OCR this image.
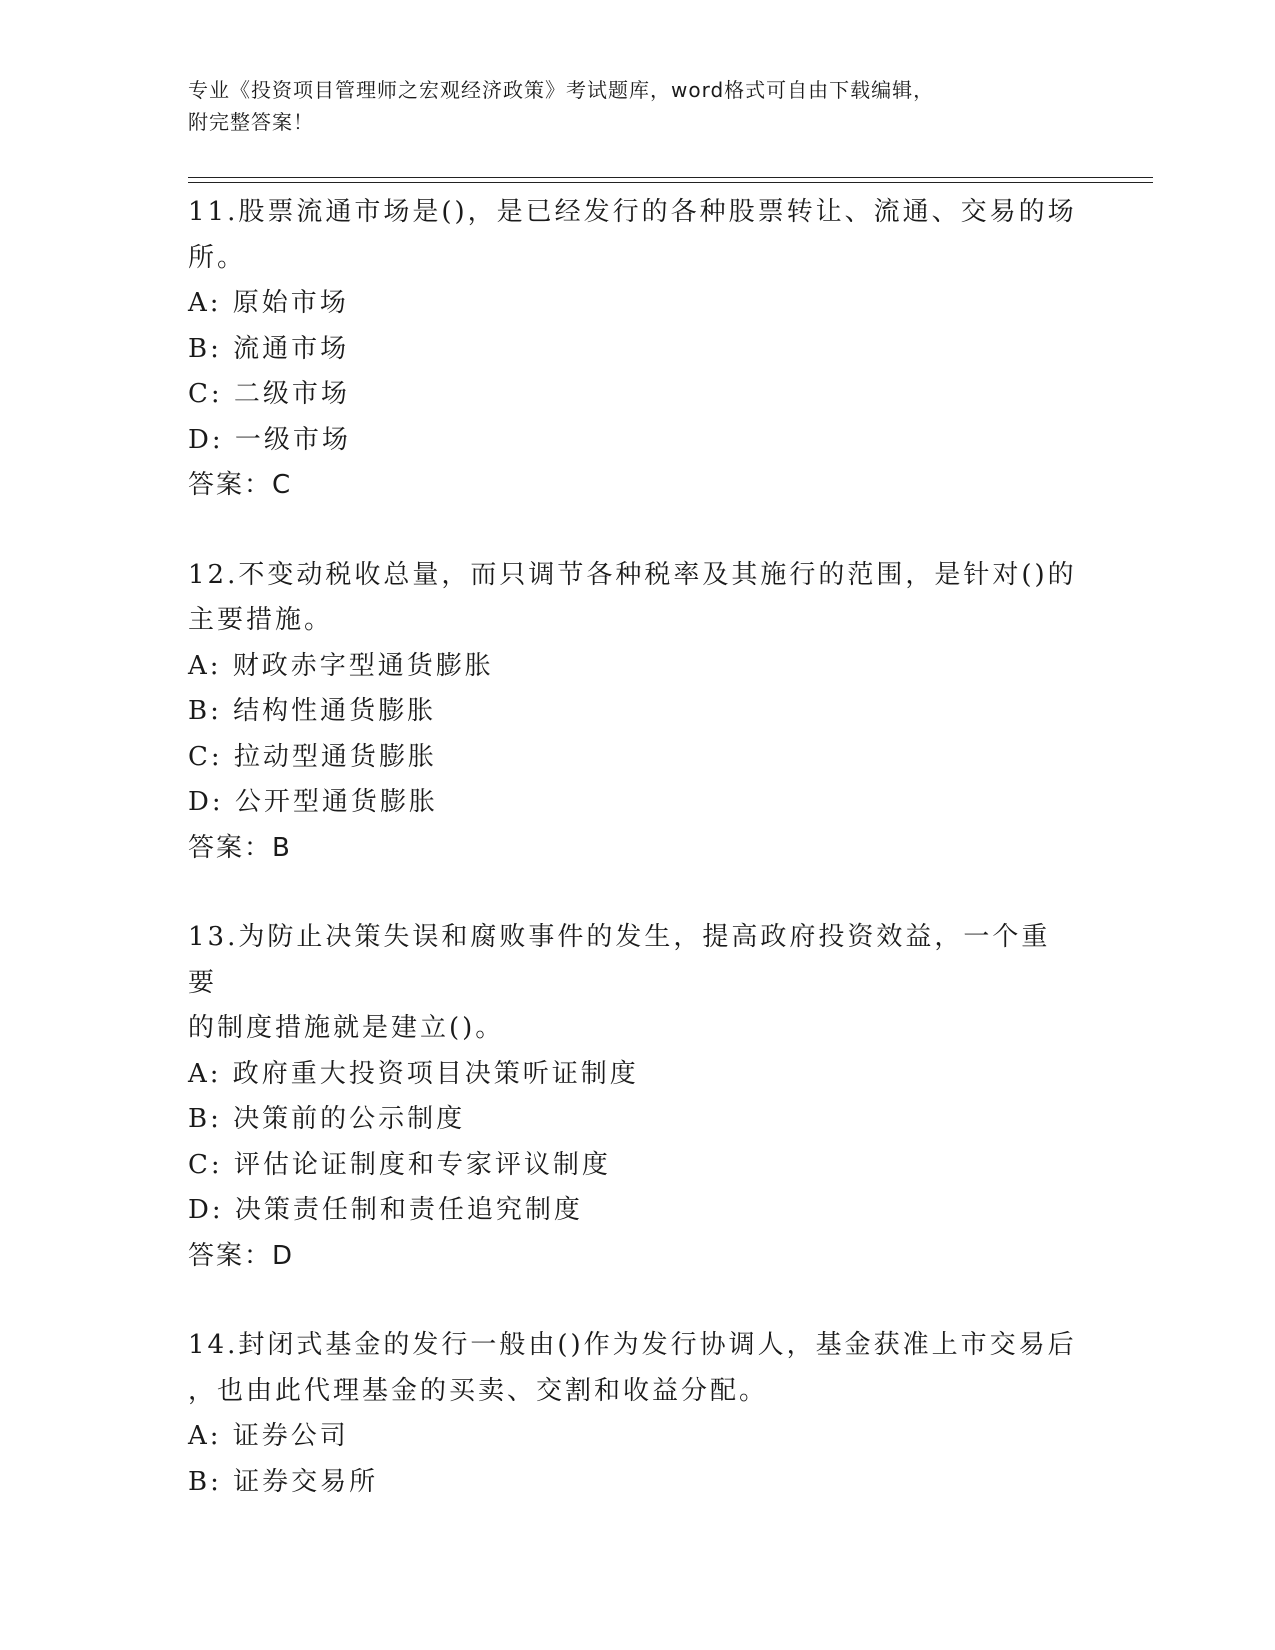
专业《投资项目管理师之宏观经济政策》考试题库，word格式可自由下载编辑，
附完整答案！

11.股票流通市场是()，是已经发行的各种股票转让、流通、交易的场

所。

A: 原始市场

B: 流通市场

C: 二级市场

D: 一级市场

答案：C

12.不变动税收总量，而只调节各种税率及其施行的范围，是针对()的

主要措施。

A: 财政赤字型通货膨胀

B: 结构性通货膨胀

C: 拉动型通货膨胀

D: 公开型通货膨胀

答案：B

13.为防止决策失误和腐败事件的发生，提高政府投资效益，一个重要

的制度措施就是建立()。

A: 政府重大投资项目决策听证制度

B: 决策前的公示制度

C: 评估论证制度和专家评议制度

D: 决策责任制和责任追究制度

答案：D

14.封闭式基金的发行一般由()作为发行协调人，基金获准上市交易后

，也由此代理基金的买卖、交割和收益分配。

A: 证券公司

B: 证券交易所
